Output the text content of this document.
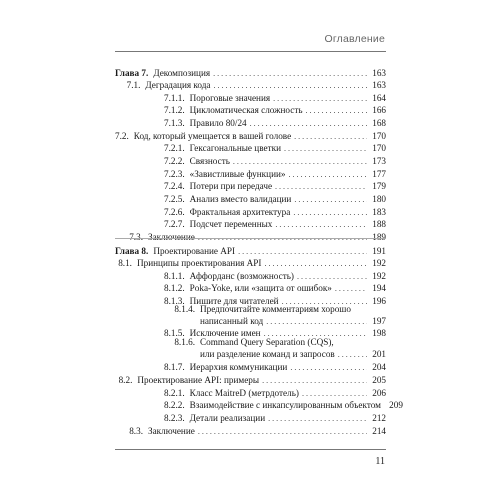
Оглавление
Глава 7. Декомпозиция . . .	163
7.1. Деградация кода . . .	163
7.1.1. Пороговые значения . . .	164
7.1.2. Цикломатическая сложность . . .	166
7.1.3. Правило 80/24 . . .	168
7.2. Код, который умещается в вашей голове . . .	170
7.2.1. Гексагональные цветки . . .	170
7.2.2. Связность . . .	173
7.2.3. «Завистливые функции» . . .	177
7.2.4. Потери при передаче . . .	179
7.2.5. Анализ вместо валидации . . .	180
7.2.6. Фрактальная архитектура . . .	183
7.2.7. Подсчет переменных . . .	188
7.3. Заключение . . .	189
Глава 8. Проектирование API . . .	191
8.1. Принципы проектирования API . . .	192
8.1.1. Аффорданс (возможность) . . .	192
8.1.2. Poka-Yoke, или «защита от ошибок» . . .	194
8.1.3. Пишите для читателей . . .	196
8.1.4. Предпочитайте комментариям хорошо
написанный код . . .	197
8.1.5. Исключение имен . . .	198
8.1.6. Command Query Separation (CQS),
или разделение команд и запросов . . .	201
8.1.7. Иерархия коммуникации . . .	204
8.2. Проектирование API: примеры . . .	205
8.2.1. Класс MaitreD (метрдотель) . . .	206
8.2.2. Взаимодействие с инкапсулированным объектом 209
8.2.3. Детали реализации . . .	212
8.3. Заключение . . .	214
11
